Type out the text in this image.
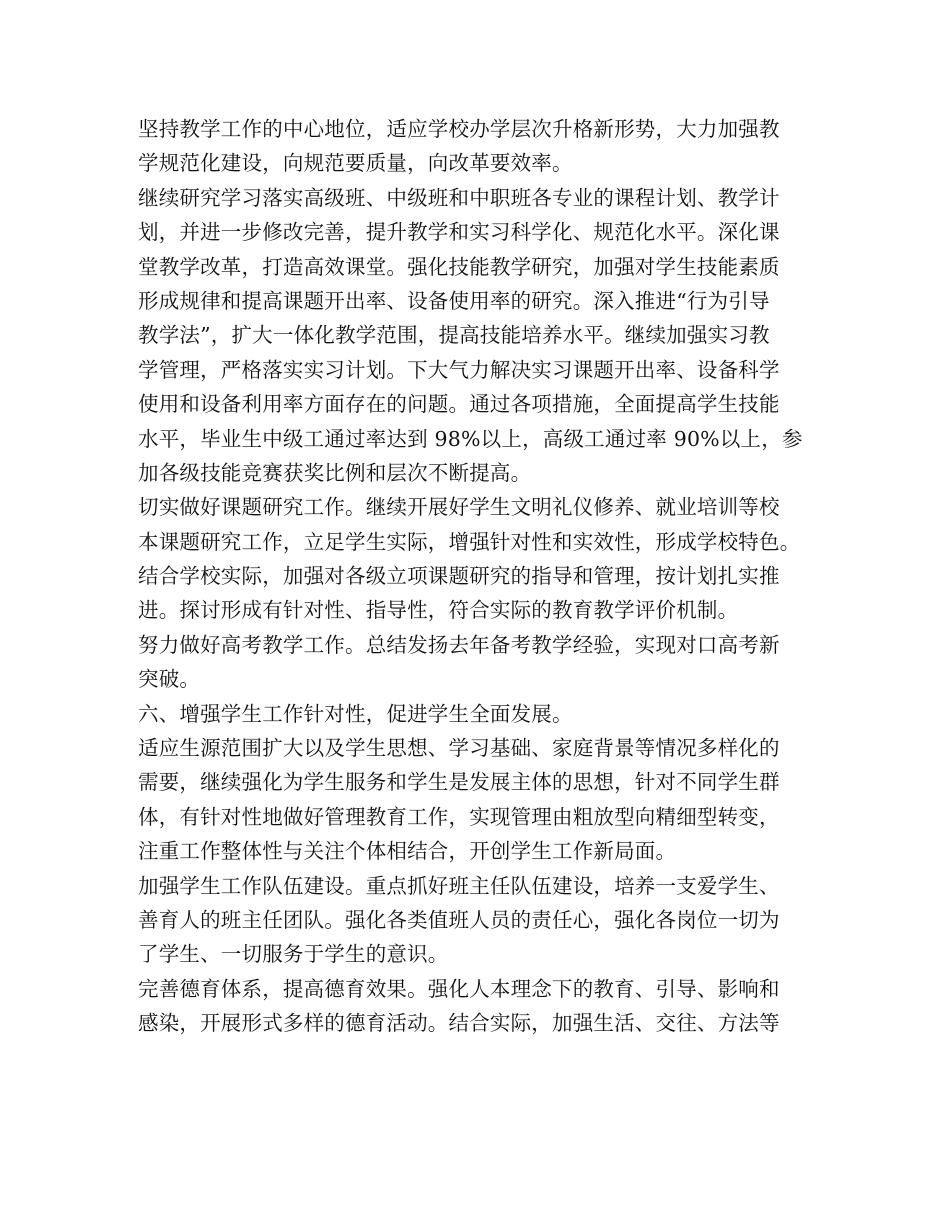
坚持教学工作的中心地位，适应学校办学层次升格新形势，大力加强教
学规范化建设，向规范要质量，向改革要效率。
继续研究学习落实高级班、中级班和中职班各专业的课程计划、教学计
划，并进一步修改完善，提升教学和实习科学化、规范化水平。深化课
堂教学改革，打造高效课堂。强化技能教学研究，加强对学生技能素质
形成规律和提高课题开出率、设备使用率的研究。深入推进“行为引导
教学法”，扩大一体化教学范围，提高技能培养水平。继续加强实习教
学管理，严格落实实习计划。下大气力解决实习课题开出率、设备科学
使用和设备利用率方面存在的问题。通过各项措施，全面提高学生技能
水平，毕业生中级工通过率达到 98%以上，高级工通过率 90%以上，参
加各级技能竞赛获奖比例和层次不断提高。
切实做好课题研究工作。继续开展好学生文明礼仪修养、就业培训等校
本课题研究工作，立足学生实际，增强针对性和实效性，形成学校特色。
结合学校实际，加强对各级立项课题研究的指导和管理，按计划扎实推
进。探讨形成有针对性、指导性，符合实际的教育教学评价机制。
努力做好高考教学工作。总结发扬去年备考教学经验，实现对口高考新
突破。
六、增强学生工作针对性，促进学生全面发展。
适应生源范围扩大以及学生思想、学习基础、家庭背景等情况多样化的
需要，继续强化为学生服务和学生是发展主体的思想，针对不同学生群
体，有针对性地做好管理教育工作，实现管理由粗放型向精细型转变，
注重工作整体性与关注个体相结合，开创学生工作新局面。
加强学生工作队伍建设。重点抓好班主任队伍建设，培养一支爱学生、
善育人的班主任团队。强化各类值班人员的责任心，强化各岗位一切为
了学生、一切服务于学生的意识。
完善德育体系，提高德育效果。强化人本理念下的教育、引导、影响和
感染，开展形式多样的德育活动。结合实际，加强生活、交往、方法等
